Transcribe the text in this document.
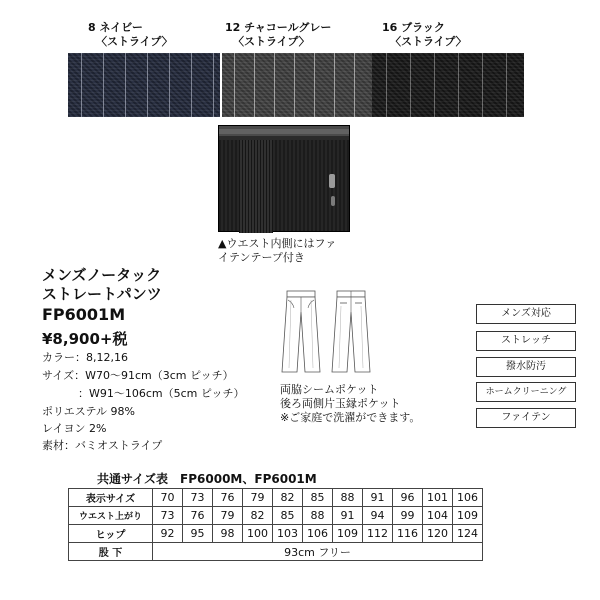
8 ネイビー
〈ストライプ〉
12 チャコールグレー
〈ストライプ〉
16 ブラック
〈ストライプ〉
▲ウエスト内側にはファ
イテンテープ付き
メンズノータック
ストレートパンツ
FP6001M
¥8,900+税
カラー：8,12,16
サイズ：W70～91cm（3cm ピッチ）
：W91～106cm（5cm ピッチ）
ポリエステル 98%
レイヨン 2%
素材：バミオストライプ
両脇シームポケット
後ろ両側片玉縁ポケット
※ご家庭で洗濯ができます。
メンズ対応
ストレッチ
撥水防汚
ホームクリーニング
ファイテン
共通サイズ表　FP6000M、FP6001M
表示サイズ	70	73	76	79	82	85	88	91	96	101	106
ウエスト上がり	73	76	79	82	85	88	91	94	99	104	109
ヒップ	92	95	98	100	103	106	109	112	116	120	124
股 下	93cm フリー										
